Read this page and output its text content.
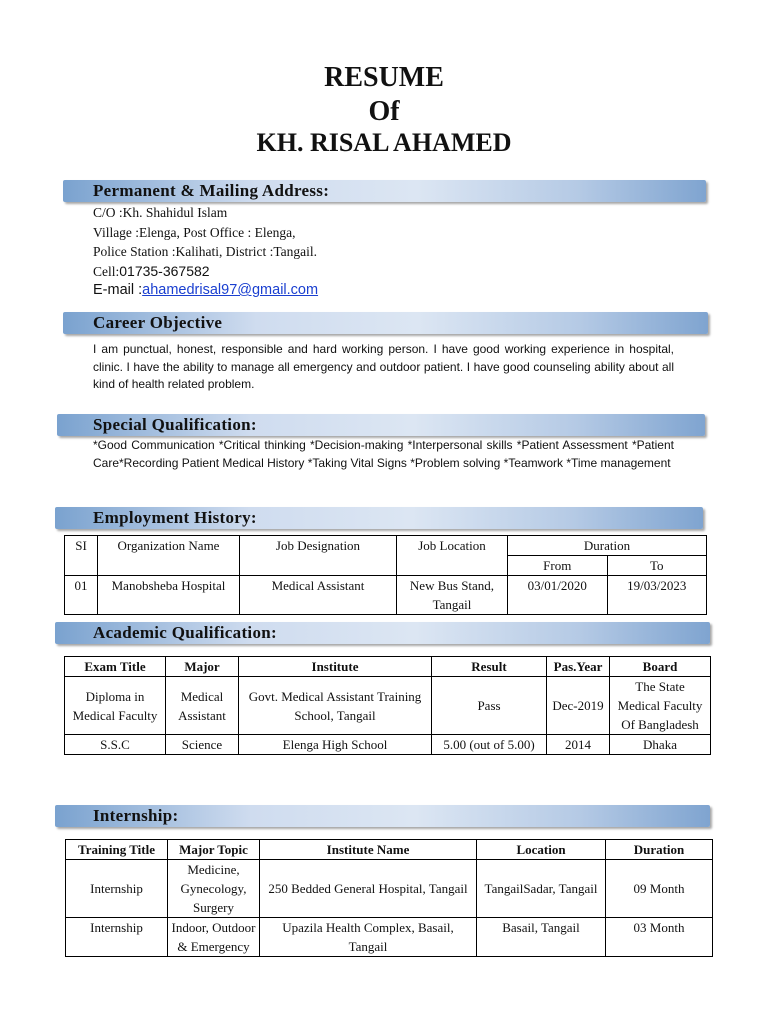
RESUME
Of
KH. RISAL AHAMED
Permanent & Mailing Address:
C/O :Kh. Shahidul Islam
Village :Elenga, Post Office : Elenga,
Police Station :Kalihati, District :Tangail.
Cell:01735-367582
E-mail :ahamedrisal97@gmail.com
Career Objective
I am punctual, honest, responsible and hard working person. I have good working experience in hospital, clinic. I have the ability to manage all emergency and outdoor patient. I have good counseling ability about all kind of health related problem.
Special Qualification:
*Good Communication *Critical thinking *Decision-making *Interpersonal skills *Patient Assessment *Patient Care*Recording Patient Medical History *Taking Vital Signs *Problem solving *Teamwork *Time management
Employment History:
SI	Organization Name	Job Designation	Job Location	Duration	
				From	To
01	Manobsheba Hospital	Medical Assistant	New Bus Stand, Tangail	03/01/2020	19/03/2023
Academic Qualification:
Exam Title	Major	Institute	Result	Pas.Year	Board
Diploma in Medical Faculty	Medical Assistant	Govt. Medical Assistant Training School, Tangail	Pass	Dec-2019	The State Medical Faculty Of Bangladesh
S.S.C	Science	Elenga High School	5.00 (out of 5.00)	2014	Dhaka
Internship:
Training Title	Major Topic	Institute Name	Location	Duration
Internship	Medicine, Gynecology, Surgery	250 Bedded General Hospital, Tangail	TangailSadar, Tangail	09 Month
Internship	Indoor, Outdoor & Emergency	Upazila Health Complex, Basail, Tangail	Basail, Tangail	03 Month
